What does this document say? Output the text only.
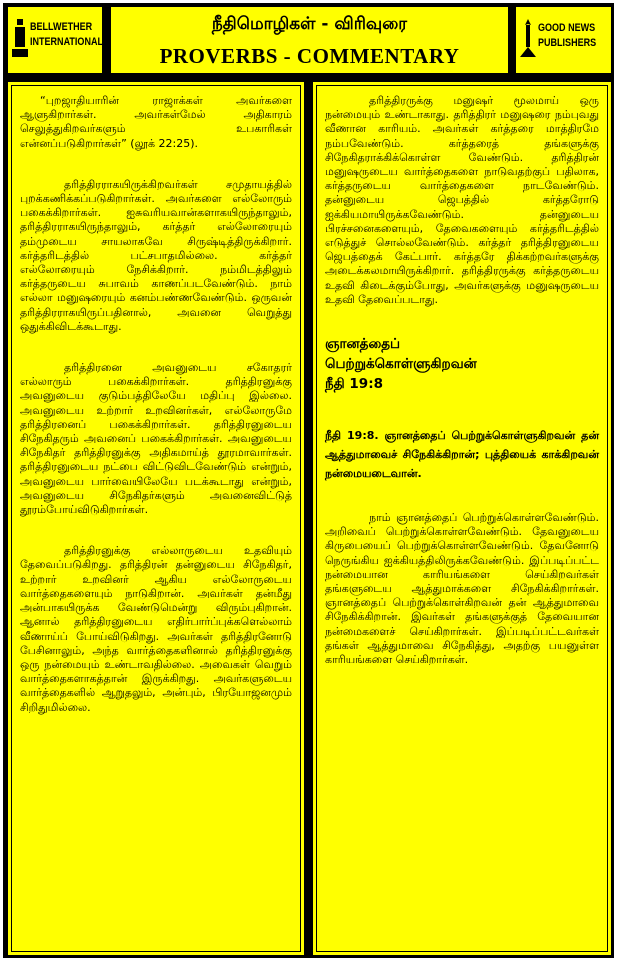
BELLWETHER
INTERNATIONAL
நீதிமொழிகள் - விரிவுரை
PROVERBS - COMMENTARY
GOOD NEWS
PUBLISHERS

“புறஜாதியாரின் ராஜாக்கள் அவர்களை ஆளுகிறார்கள். அவர்கள்மேல் அதிகாரம் செலுத்துகிறவர்களும் உபகாரிகள் என்னப்படுகிறார்கள்” (லூக் 22:25).

தரித்திரராகயிருக்கிறவர்கள் சமுதாயத்தில் புறக்கணிக்கப்படுகிறார்கள். அவர்களை எல்லோரும் பகைக்கிறார்கள். ஐசுவரியவான்களாகயிருந்தாலும், தரித்திரராகயிருந்தாலும், கர்த்தர் எல்லோரையும் தம்முடைய சாயலாகவே சிருஷ்டித்திருக்கிறார். கர்த்தரிடத்தில் பட்சபாதமில்லை. கர்த்தர் எல்லோரையும் நேசிக்கிறார். நம்மிடத்திலும் கர்த்தருடைய சுபாவம் காணப்படவேண்டும். நாம் எல்லா மனுஷரையும் கனம்பண்ணவேண்டும். ஒருவன் தரித்திரராகயிருப்பதினால், அவனை வெறுத்து ஒதுக்கிவிடக்கூடாது.

தரித்திரனை அவனுடைய சகோதரர் எல்லாரும் பகைக்கிறார்கள். தரித்திரனுக்கு அவனுடைய குடும்பத்திலேயே மதிப்பு இல்லை. அவனுடைய உற்றார் உறவினர்கள், எல்லோருமே தரித்திரனைப் பகைக்கிறார்கள். தரித்திரனுடைய சிநேகிதரும் அவனைப் பகைக்கிறார்கள். அவனுடைய சிநேகிதர் தரித்திரனுக்கு அதிகமாய்த் தூரமாவார்கள். தரித்திரனுடைய நட்பை விட்டுவிடவேண்டும் என்றும், அவனுடைய பார்வையிலேயே படக்கூடாது என்றும், அவனுடைய சிநேகிதர்களும் அவனைவிட்டுத் தூரம்போய்விடுகிறார்கள்.

தரித்திரனுக்கு எல்லாருடைய உதவியும் தேவைப்படுகிறது. தரித்திரன் தன்னுடைய சிநேகிதர், உற்றார் உறவினர் ஆகிய எல்லோருடைய வார்த்தைகளையும் நாடுகிறான். அவர்கள் தன்மீது அன்பாகயிருக்க வேண்டுமென்று விரும்புகிறான். ஆனால் தரித்திரனுடைய எதிர்பார்ப்புக்களெல்லாம் வீணாய்ப் போய்விடுகிறது. அவர்கள் தரித்திரனோடு பேசினாலும், அந்த வார்த்தைகளினால் தரித்திரனுக்கு ஒரு நன்மையும் உண்டாவதில்லை. அவைகள் வெறும் வார்த்தைகளாகத்தான் இருக்கிறது. அவர்களுடைய வார்த்தைகளில் ஆறுதலும், அன்பும், பிரயோஜனமும் சிறிதுமில்லை.

தரித்திரருக்கு மனுஷர் மூலமாய் ஒரு நன்மையும் உண்டாகாது. தரித்திரர் மனுஷரை நம்புவது வீணான காரியம். அவர்கள் கர்த்தரை மாத்திரமே நம்பவேண்டும். கர்த்தரைத் தங்களுக்கு சிநேகிதராக்கிக்கொள்ள வேண்டும். தரித்திரன் மனுஷருடைய வார்த்தைகளை நாடுவதற்குப் பதிலாக, கர்த்தருடைய வார்த்தைகளை நாடவேண்டும். தன்னுடைய ஜெபத்தில் கர்த்தரோடு ஐக்கியமாயிருக்கவேண்டும். தன்னுடைய பிரச்சனைகளையும், தேவைகளையும் கர்த்தரிடத்தில் எடுத்துச் சொல்லவேண்டும். கர்த்தர் தரித்திரனுடைய ஜெபத்தைக் கேட்பார். கர்த்தரே திக்கற்றவர்களுக்கு அடைக்கலமாயிருக்கிறார். தரித்திரருக்கு கர்த்தருடைய உதவி கிடைக்கும்போது, அவர்களுக்கு மனுஷருடைய உதவி தேவைப்படாது.

ஞானத்தைப்
பெற்றுக்கொள்ளுகிறவன்
நீதி 19:8

நீதி 19:8. ஞானத்தைப் பெற்றுக்கொள்ளுகிறவன் தன் ஆத்துமாவைச் சிநேகிக்கிறான்; புத்தியைக் காக்கிறவன் நன்மையடைவான்.

நாம் ஞானத்தைப் பெற்றுக்கொள்ளவேண்டும். அறிவைப் பெற்றுக்கொள்ளவேண்டும். தேவனுடைய கிருபையைப் பெற்றுக்கொள்ளவேண்டும். தேவனோடு நெருங்கிய ஐக்கியத்திலிருக்கவேண்டும். இப்படிப்பட்ட நன்மையான காரியங்களை செய்கிறவர்கள் தங்களுடைய ஆத்துமாக்களை சிநேகிக்கிறார்கள். ஞானத்தைப் பெற்றுக்கொள்கிறவன் தன் ஆத்துமாவை சிநேகிக்கிறான். இவர்கள் தங்களுக்குத் தேவையான நன்மைகளைச் செய்கிறார்கள். இப்படிப்பட்டவர்கள் தங்கள் ஆத்துமாவை சிநேகித்து, அதற்கு பயனுள்ள காரியங்களை செய்கிறார்கள்.
